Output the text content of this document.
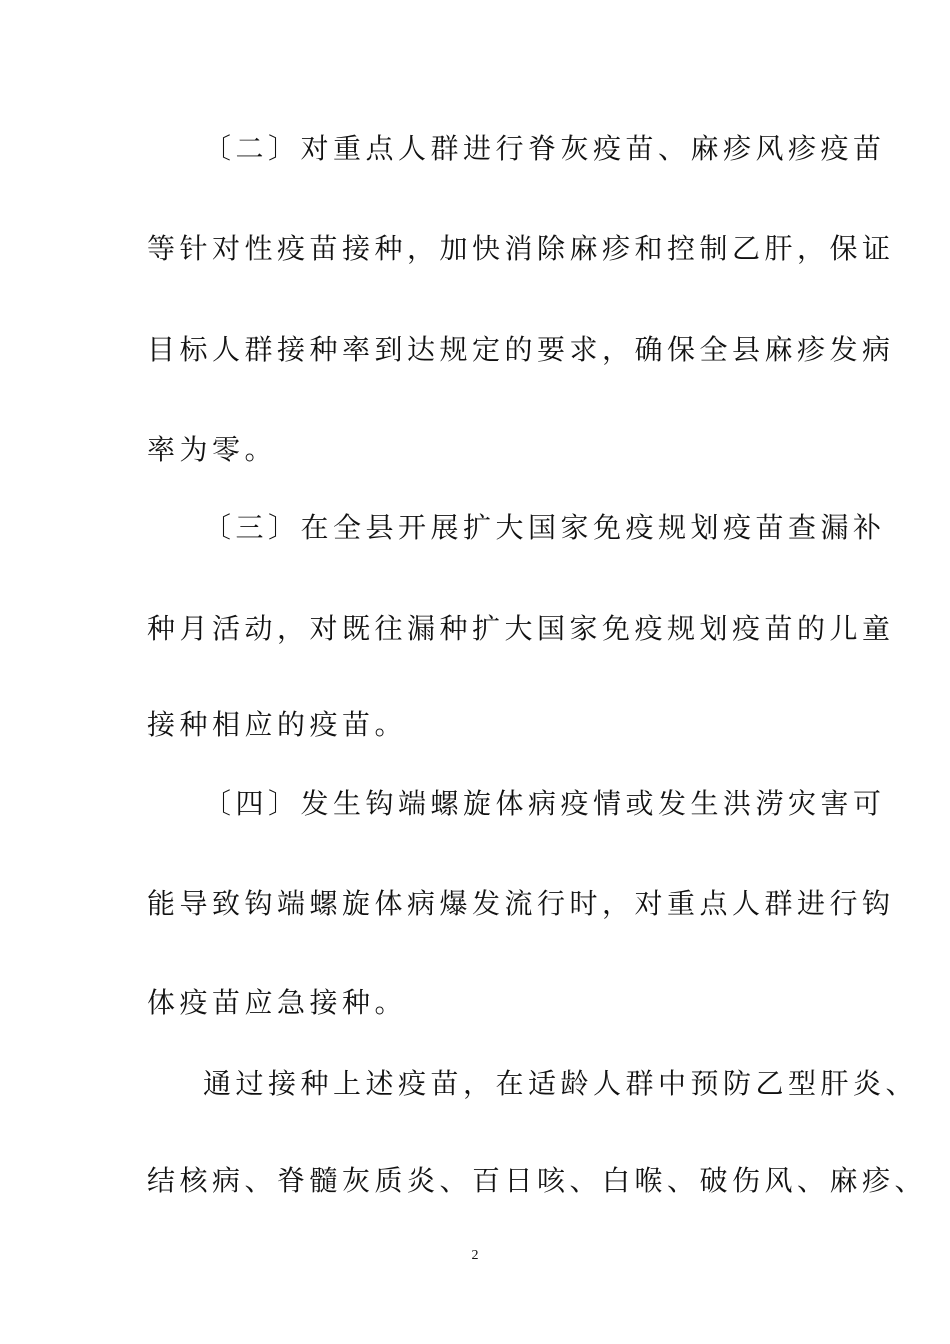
〔二〕对重点人群进行脊灰疫苗、麻疹风疹疫苗
等针对性疫苗接种，加快消除麻疹和控制乙肝，保证
目标人群接种率到达规定的要求，确保全县麻疹发病
率为零。
〔三〕在全县开展扩大国家免疫规划疫苗查漏补
种月活动，对既往漏种扩大国家免疫规划疫苗的儿童
接种相应的疫苗。
〔四〕发生钩端螺旋体病疫情或发生洪涝灾害可
能导致钩端螺旋体病爆发流行时，对重点人群进行钩
体疫苗应急接种。
通过接种上述疫苗，在适龄人群中预防乙型肝炎、
结核病、脊髓灰质炎、百日咳、白喉、破伤风、麻疹、
2
